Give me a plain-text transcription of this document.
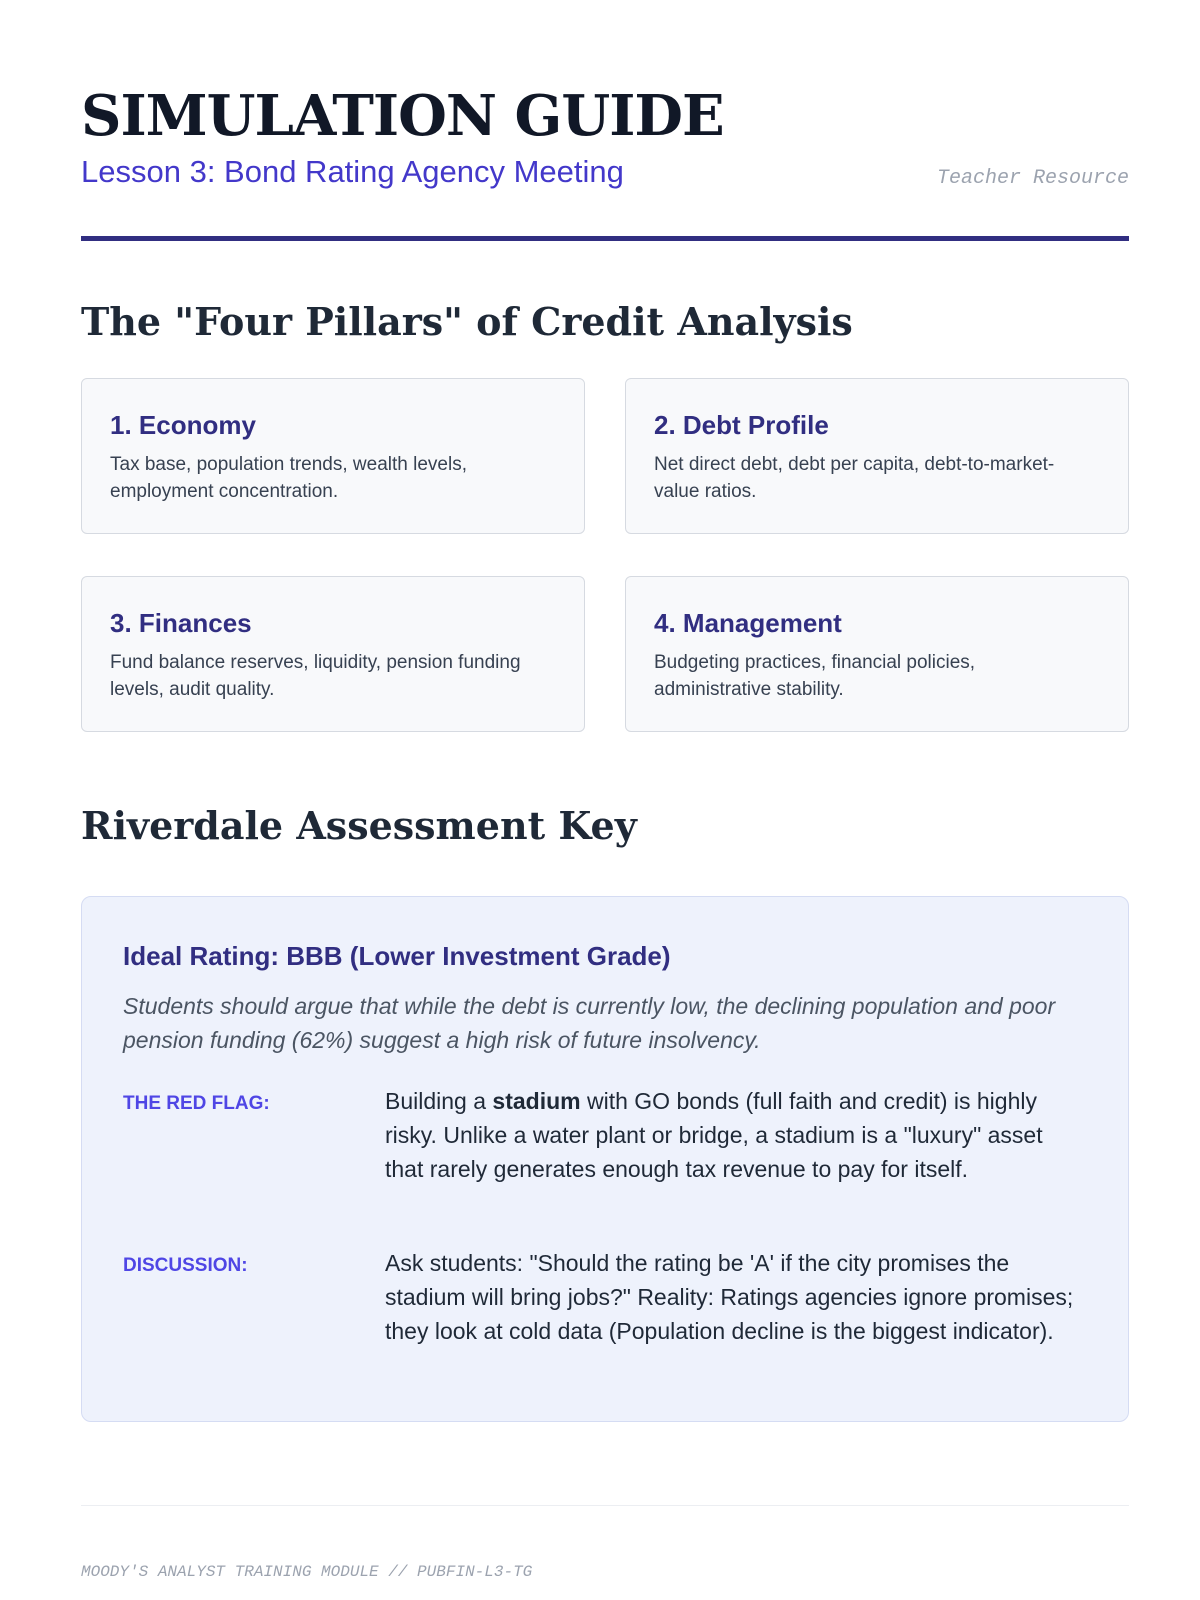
SIMULATION GUIDE
Lesson 3: Bond Rating Agency Meeting	Teacher Resource
The "Four Pillars" of Credit Analysis
1. Economy

Tax base, population trends, wealth levels, employment concentration.

2. Debt Profile

Net direct debt, debt per capita, debt-to-market-value ratios.

3. Finances

Fund balance reserves, liquidity, pension funding levels, audit quality.

4. Management

Budgeting practices, financial policies, administrative stability.

Riverdale Assessment Key
Ideal Rating: BBB (Lower Investment Grade)

Students should argue that while the debt is currently low, the declining population and poor pension funding (62%) suggest a high risk of future insolvency.

THE RED FLAG:	Building a stadium with GO bonds (full faith and credit) is highly risky. Unlike a water plant or bridge, a stadium is a "luxury" asset that rarely generates enough tax revenue to pay for itself.

DISCUSSION:	Ask students: "Should the rating be 'A' if the city promises the stadium will bring jobs?" Reality: Ratings agencies ignore promises; they look at cold data (Population decline is the biggest indicator).

MOODY'S ANALYST TRAINING MODULE // PUBFIN-L3-TG
